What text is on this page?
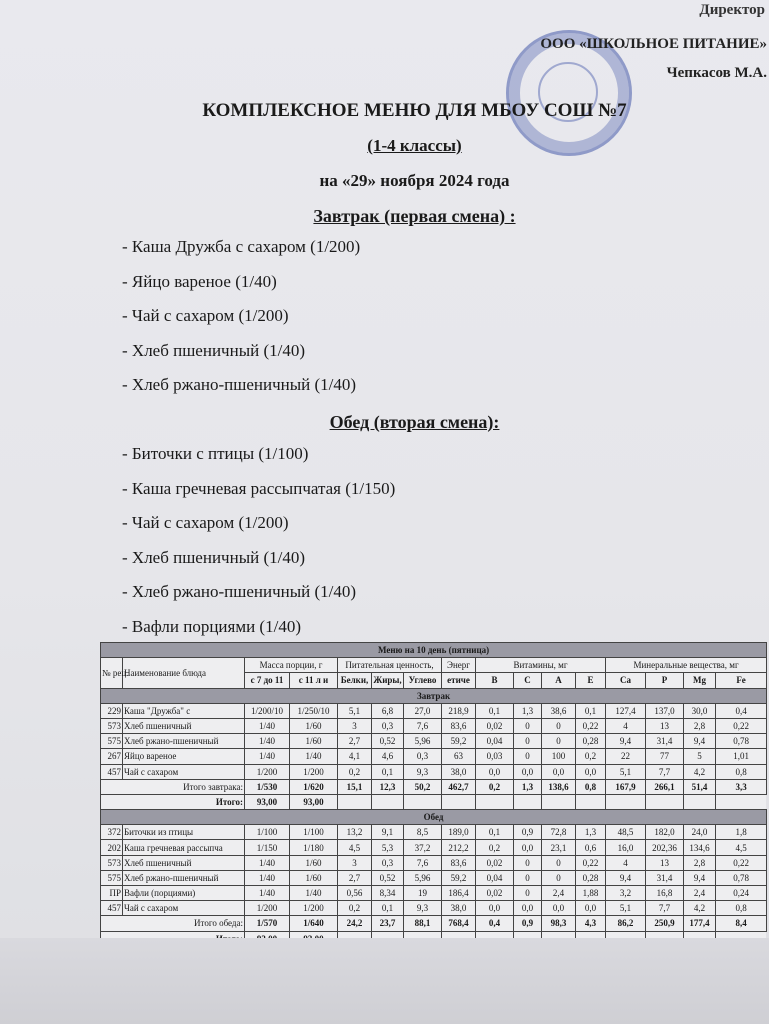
Директор
ООО «ШКОЛЬНОЕ ПИТАНИЕ»
Чепкасов М.А.
КОМПЛЕКСНОЕ МЕНЮ ДЛЯ МБОУ СОШ №7
(1-4 классы)
на «29» ноября 2024 года
Завтрак (первая смена) :
- Каша Дружба с сахаром (1/200)
- Яйцо вареное (1/40)
- Чай с сахаром (1/200)
- Хлеб пшеничный (1/40)
- Хлеб ржано-пшеничный (1/40)
Обед (вторая смена):
- Биточки с птицы (1/100)
- Каша гречневая рассыпчатая (1/150)
- Чай с сахаром (1/200)
- Хлеб пшеничный (1/40)
- Хлеб ржано-пшеничный (1/40)
- Вафли порциями (1/40)
Меню на 10 день (пятница)															
№ рец.	Наименование блюда	Масса порции, г		Питательная ценность,			Энерг	Витамины, мг				Минеральные вещества, мг			
		с 7 до 11	с 11 л и	Белки,	Жиры,	Углево	етиче	B	C	A	E	Ca	P	Mg	Fe
Завтрак															
229	Каша "Дружба" с	1/200/10	1/250/10	5,1	6,8	27,0	218,9	0,1	1,3	38,6	0,1	127,4	137,0	30,0	0,4
573	Хлеб пшеничный	1/40	1/60	3	0,3	7,6	83,6	0,02	0	0	0,22	4	13	2,8	0,22
575	Хлеб ржано-пшеничный	1/40	1/60	2,7	0,52	5,96	59,2	0,04	0	0	0,28	9,4	31,4	9,4	0,78
267	Яйцо вареное	1/40	1/40	4,1	4,6	0,3	63	0,03	0	100	0,2	22	77	5	1,01
457	Чай с сахаром	1/200	1/200	0,2	0,1	9,3	38,0	0,0	0,0	0,0	0,0	5,1	7,7	4,2	0,8
Итого завтрака:		1/530	1/620	15,1	12,3	50,2	462,7	0,2	1,3	138,6	0,8	167,9	266,1	51,4	3,3
Итого:		93,00	93,00												
Обед															
372	Биточки из птицы	1/100	1/100	13,2	9,1	8,5	189,0	0,1	0,9	72,8	1,3	48,5	182,0	24,0	1,8
202	Каша гречневая рассыпча	1/150	1/180	4,5	5,3	37,2	212,2	0,2	0,0	23,1	0,6	16,0	202,36	134,6	4,5
573	Хлеб пшеничный	1/40	1/60	3	0,3	7,6	83,6	0,02	0	0	0,22	4	13	2,8	0,22
575	Хлеб ржано-пшеничный	1/40	1/60	2,7	0,52	5,96	59,2	0,04	0	0	0,28	9,4	31,4	9,4	0,78
ПР	Вафли (порциями)	1/40	1/40	0,56	8,34	19	186,4	0,02	0	2,4	1,88	3,2	16,8	2,4	0,24
457	Чай с сахаром	1/200	1/200	0,2	0,1	9,3	38,0	0,0	0,0	0,0	0,0	5,1	7,7	4,2	0,8
Итого обеда:		1/570	1/640	24,2	23,7	88,1	768,4	0,4	0,9	98,3	4,3	86,2	250,9	177,4	8,4
